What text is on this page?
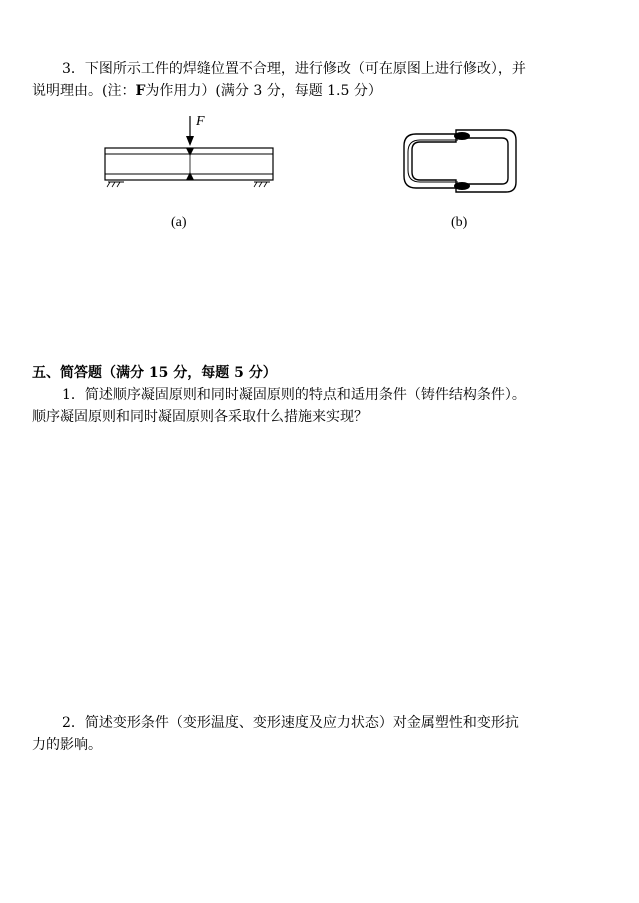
3．下图所示工件的焊缝位置不合理，进行修改（可在原图上进行修改），并
说明理由。(注：F为作用力）(满分 3 分，每题 1.5 分）
F
(a)	(b)
五、简答题（满分 15 分，每题 5 分）
1．简述顺序凝固原则和同时凝固原则的特点和适用条件（铸件结构条件）。
顺序凝固原则和同时凝固原则各采取什么措施来实现？
2．简述变形条件（变形温度、变形速度及应力状态）对金属塑性和变形抗
力的影响。
